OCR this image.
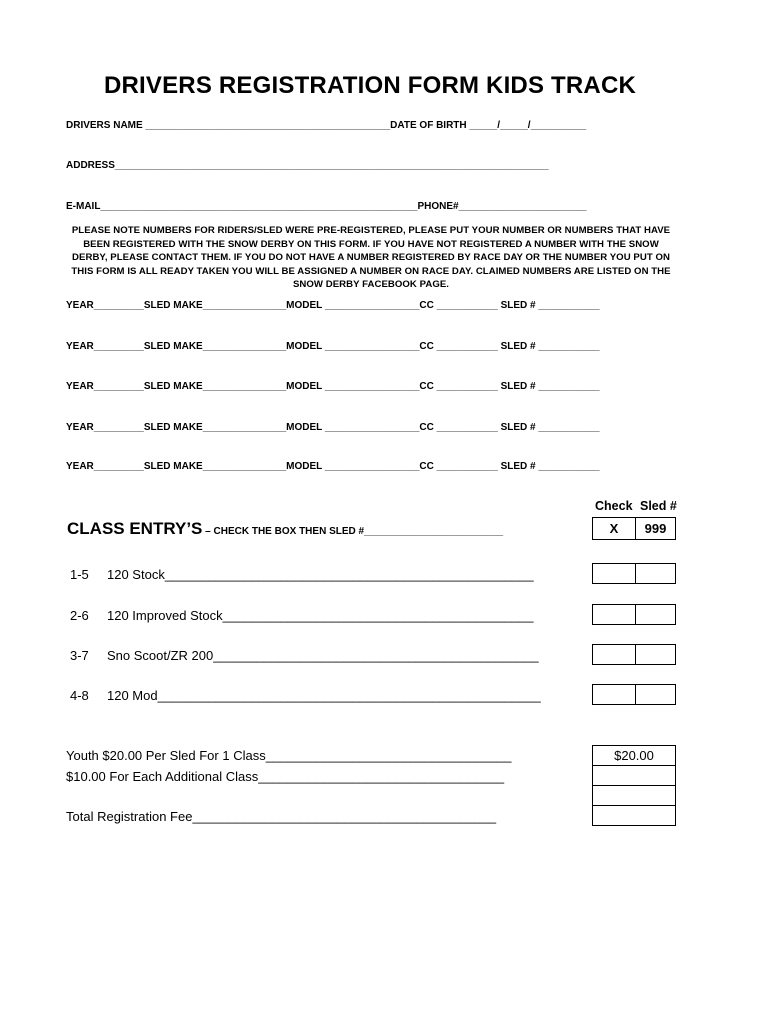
DRIVERS REGISTRATION FORM KIDS TRACK
DRIVERS NAME ____________________________________________DATE OF BIRTH _____/_____/__________
ADDRESS______________________________________________________________________________
E-MAIL_________________________________________________________PHONE#_______________________
PLEASE NOTE NUMBERS FOR RIDERS/SLED WERE PRE-REGISTERED, PLEASE PUT YOUR NUMBER OR NUMBERS THAT HAVE BEEN REGISTERED WITH THE SNOW DERBY ON THIS FORM. IF YOU HAVE NOT REGISTERED A NUMBER WITH THE SNOW DERBY, PLEASE CONTACT THEM. IF YOU DO NOT HAVE A NUMBER REGISTERED BY RACE DAY OR THE NUMBER YOU PUT ON THIS FORM IS ALL READY TAKEN YOU WILL BE ASSIGNED A NUMBER ON RACE DAY. CLAIMED NUMBERS ARE LISTED ON THE SNOW DERBY FACEBOOK PAGE.
YEAR_________SLED MAKE_______________MODEL _________________CC ___________ SLED # ___________
YEAR_________SLED MAKE_______________MODEL _________________CC ___________ SLED # ___________
YEAR_________SLED MAKE_______________MODEL _________________CC ___________ SLED # ___________
YEAR_________SLED MAKE_______________MODEL _________________CC ___________ SLED # ___________
YEAR_________SLED MAKE_______________MODEL _________________CC ___________ SLED # ___________
Check Sled #
CLASS ENTRY’S – CHECK THE BOX THEN SLED #_________________________	X	999
1-5 120 Stock___________________________________________________
2-6 120 Improved Stock___________________________________________
3-7 Sno Scoot/ZR 200_____________________________________________
4-8 120 Mod_____________________________________________________
Youth $20.00 Per Sled For 1 Class__________________________________
$10.00 For Each Additional Class__________________________________
Total Registration Fee__________________________________________
$20.00
